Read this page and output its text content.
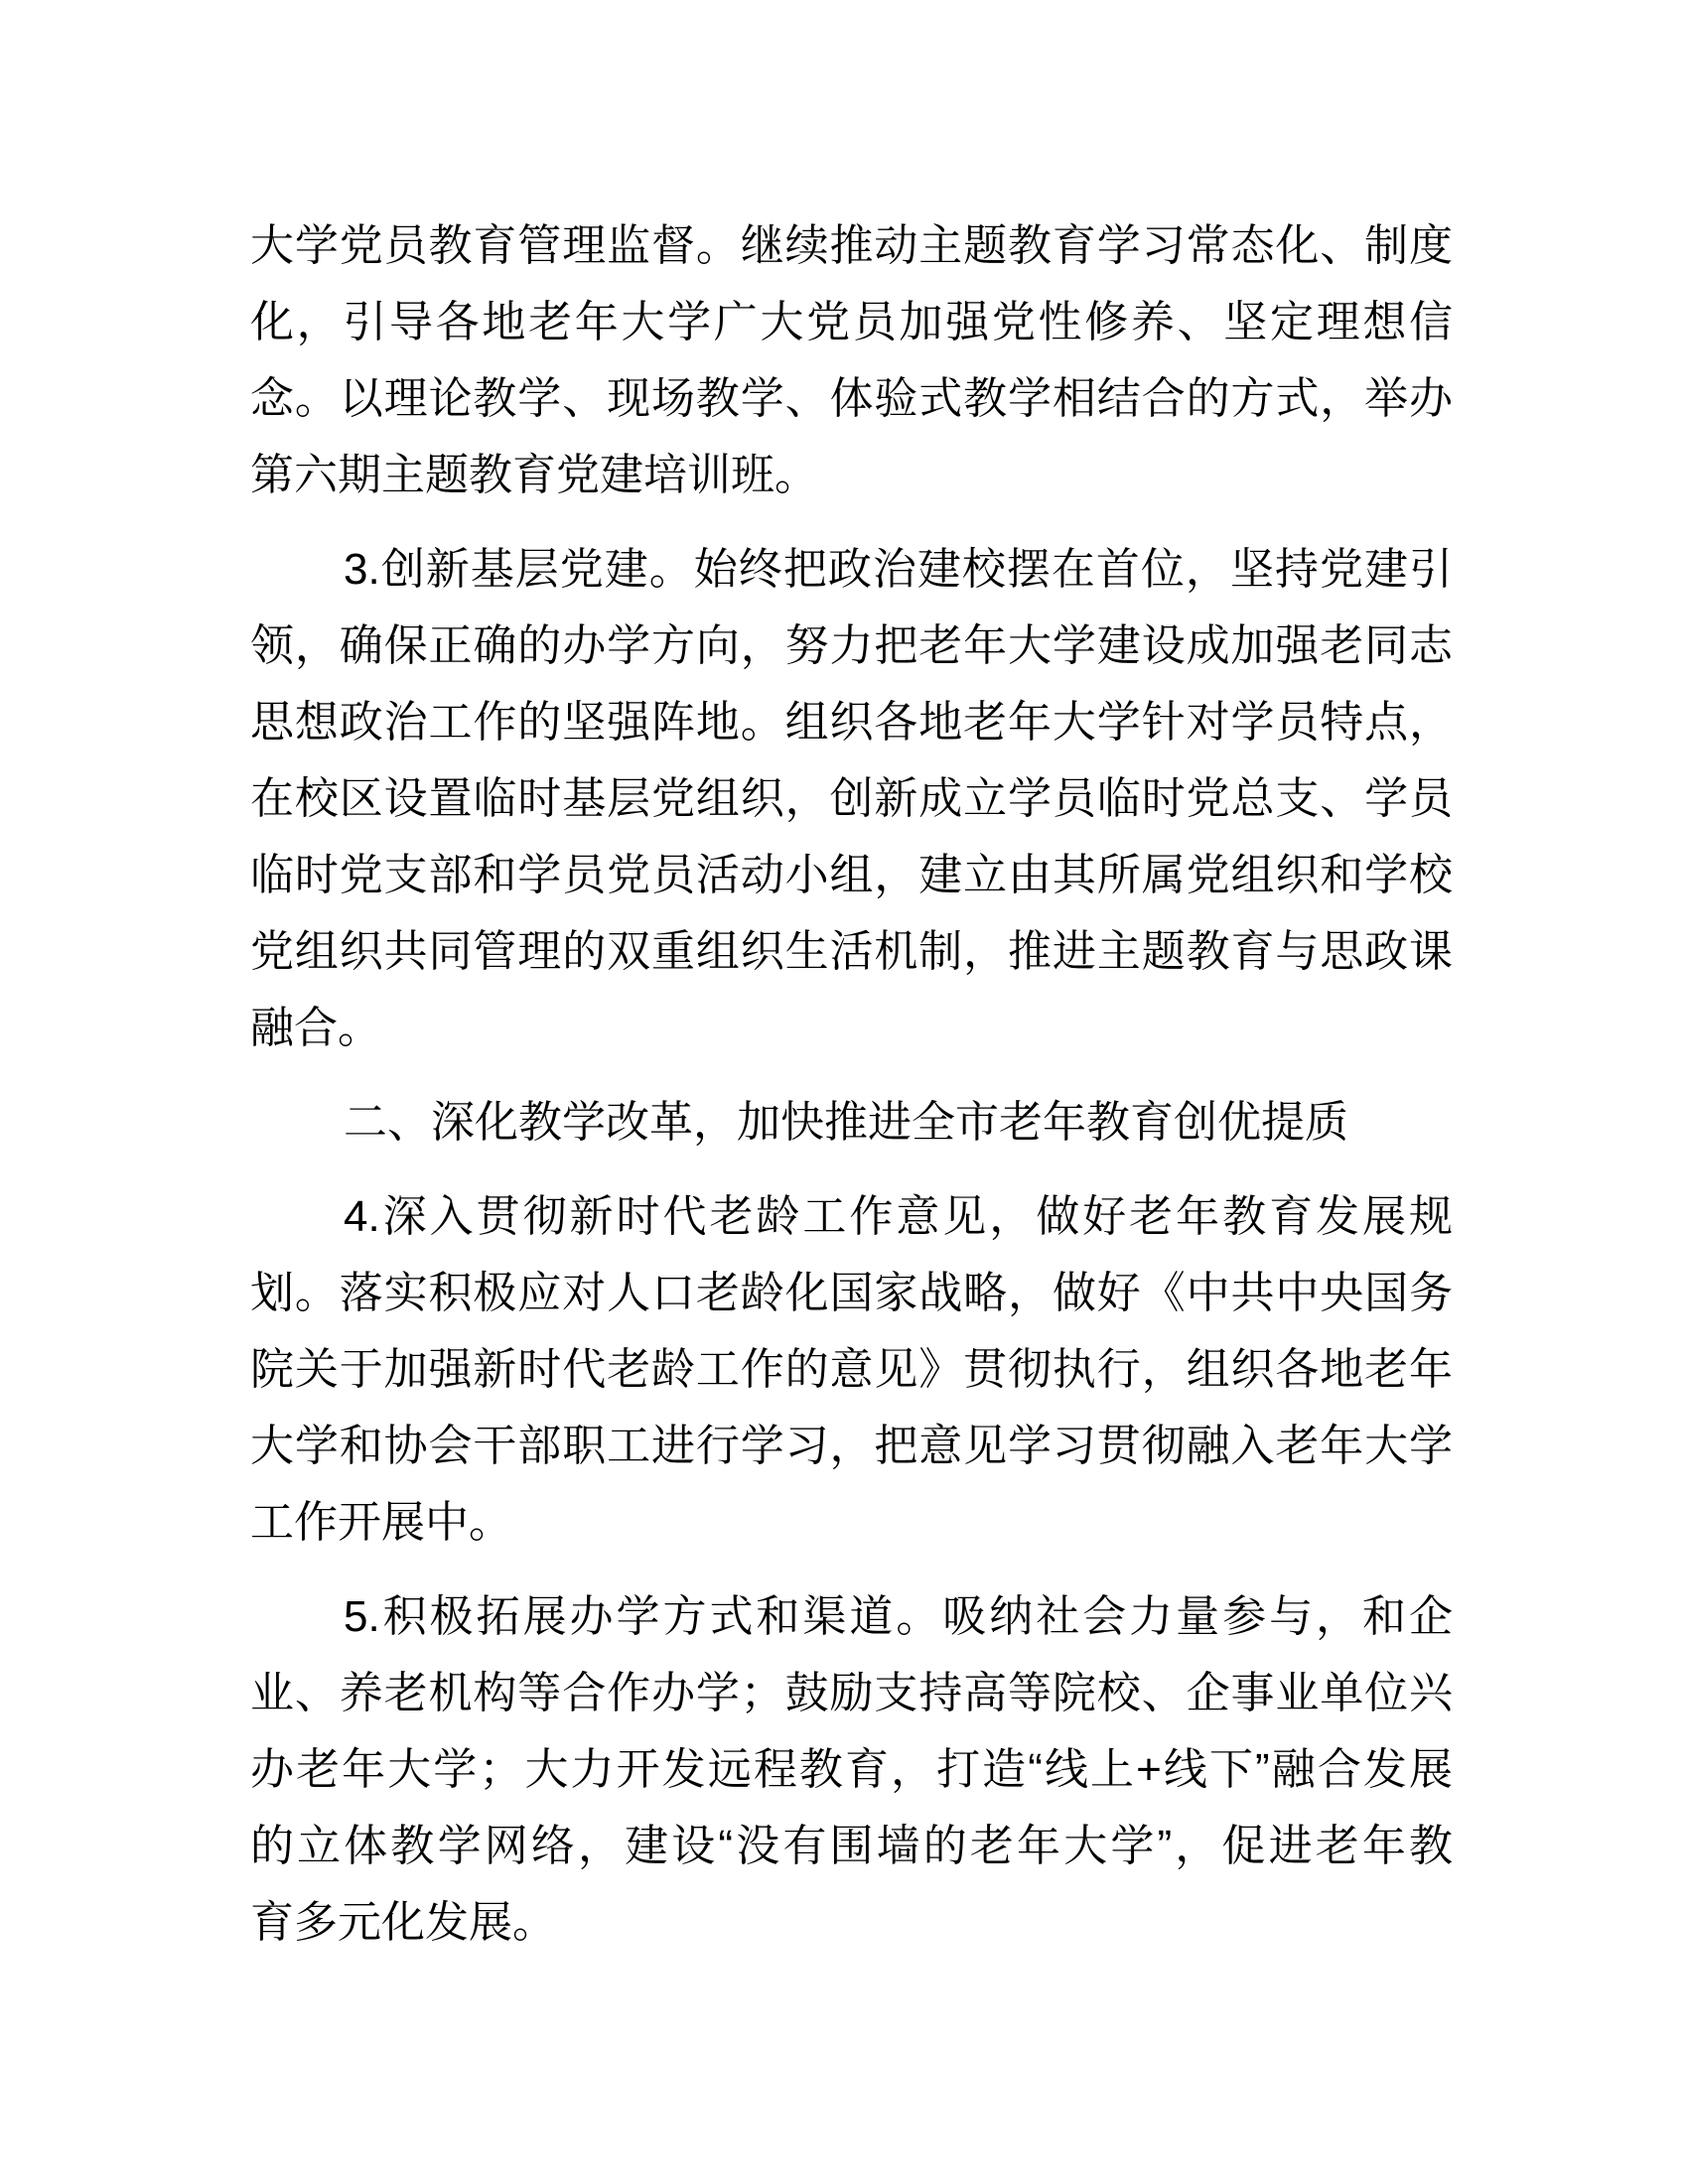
大学党员教育管理监督。继续推动主题教育学习常态化、制度
化，引导各地老年大学广大党员加强党性修养、坚定理想信
念。以理论教学、现场教学、体验式教学相结合的方式，举办
第六期主题教育党建培训班。
3.创新基层党建。始终把政治建校摆在首位，坚持党建引
领，确保正确的办学方向，努力把老年大学建设成加强老同志
思想政治工作的坚强阵地。组织各地老年大学针对学员特点，
在校区设置临时基层党组织，创新成立学员临时党总支、学员
临时党支部和学员党员活动小组，建立由其所属党组织和学校
党组织共同管理的双重组织生活机制，推进主题教育与思政课
融合。
二、深化教学改革，加快推进全市老年教育创优提质
4.深入贯彻新时代老龄工作意见，做好老年教育发展规
划。落实积极应对人口老龄化国家战略，做好《中共中央国务
院关于加强新时代老龄工作的意见》贯彻执行，组织各地老年
大学和协会干部职工进行学习，把意见学习贯彻融入老年大学
工作开展中。
5.积极拓展办学方式和渠道。吸纳社会力量参与，和企
业、养老机构等合作办学；鼓励支持高等院校、企事业单位兴
办老年大学；大力开发远程教育，打造“线上+线下”融合发展
的立体教学网络，建设“没有围墙的老年大学”，促进老年教
育多元化发展。
